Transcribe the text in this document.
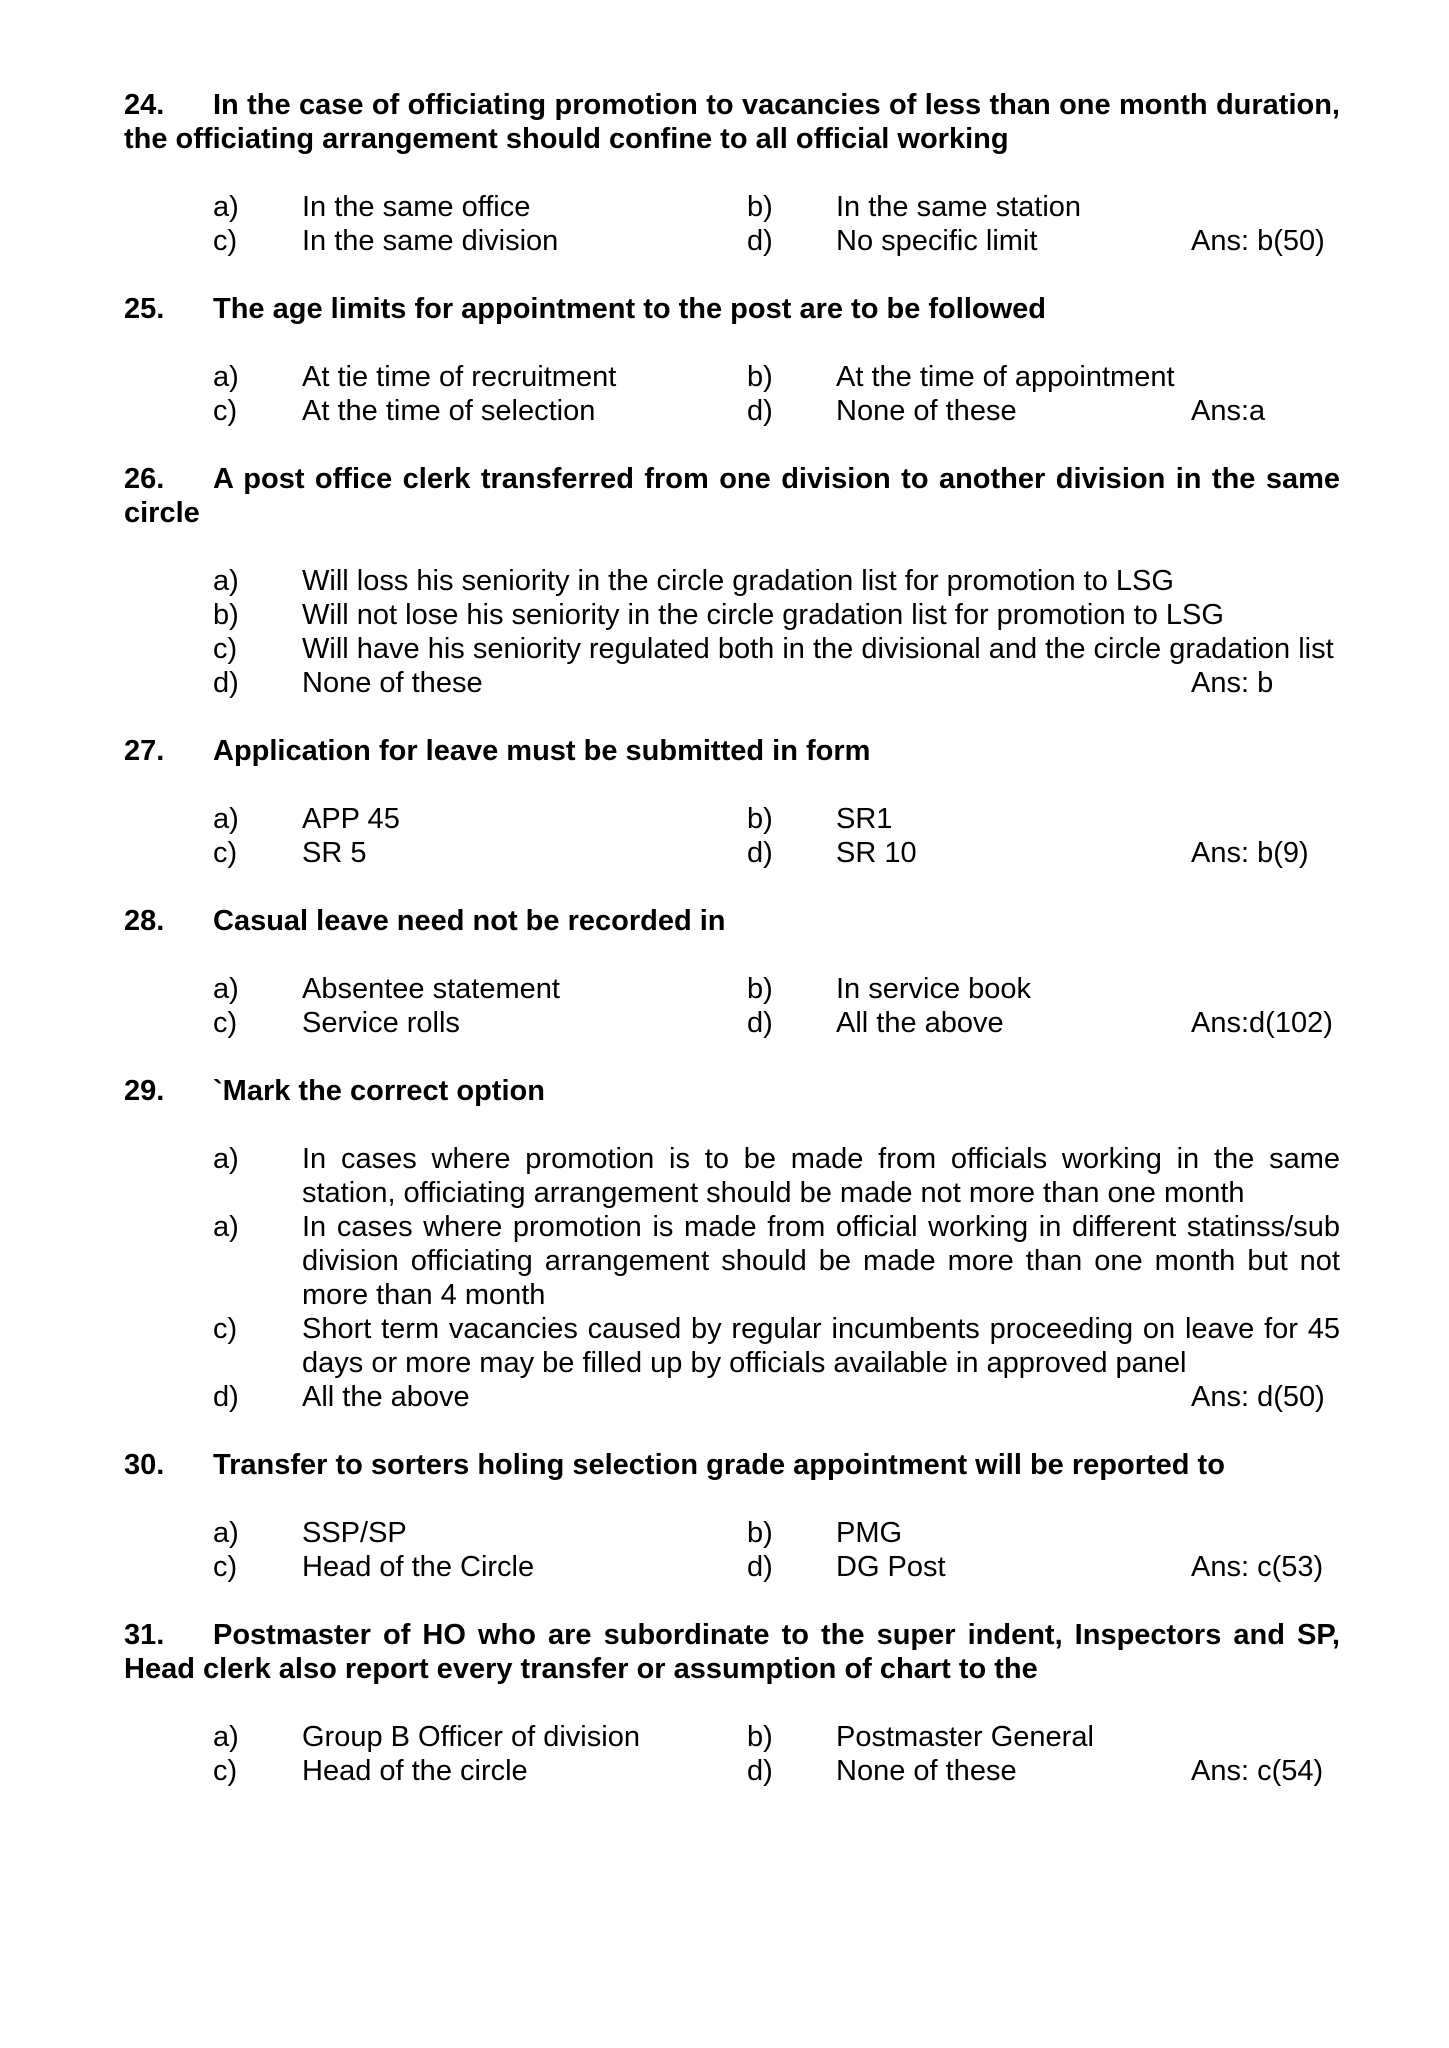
24. In the case of officiating promotion to vacancies of less than one month duration, the officiating arrangement should confine to all official working
a)	In the same office	b)	In the same station
c)	In the same division	d)	No specific limit	Ans: b(50)
25. The age limits for appointment to the post are to be followed
a)	At tie time of recruitment	b)	At the time of appointment
c)	At the time of selection	d)	None of these	Ans:a
26. A post office clerk transferred from one division to another division in the same circle
a)	Will loss his seniority in the circle gradation list for promotion to LSG
b)	Will not lose his seniority in the circle gradation list for promotion to LSG
c)	Will have his seniority regulated both in the divisional and the circle gradation list
d)	None of these	Ans: b
27. Application for leave must be submitted in form
a)	APP 45	b)	SR1
c)	SR 5	d)	SR 10	Ans: b(9)
28. Casual leave need not be recorded in
a)	Absentee statement	b)	In service book
c)	Service rolls	d)	All the above	Ans:d(102)
29. `Mark the correct option
a)	In cases where promotion is to be made from officials working in the same station, officiating arrangement should be made not more than one month
a)	In cases where promotion is made from official working in different statinss/sub division officiating arrangement should be made more than one month but not more than 4 month
c)	Short term vacancies caused by regular incumbents proceeding on leave for 45 days or more may be filled up by officials available in approved panel
d)	All the above	Ans: d(50)
30. Transfer to sorters holing selection grade appointment will be reported to
a)	SSP/SP	b)	PMG
c)	Head of the Circle	d)	DG Post	Ans: c(53)
31. Postmaster of HO who are subordinate to the super indent, Inspectors and SP, Head clerk also report every transfer or assumption of chart to the
a)	Group B Officer of division	b)	Postmaster General
c)	Head of the circle	d)	None of these	Ans: c(54)
